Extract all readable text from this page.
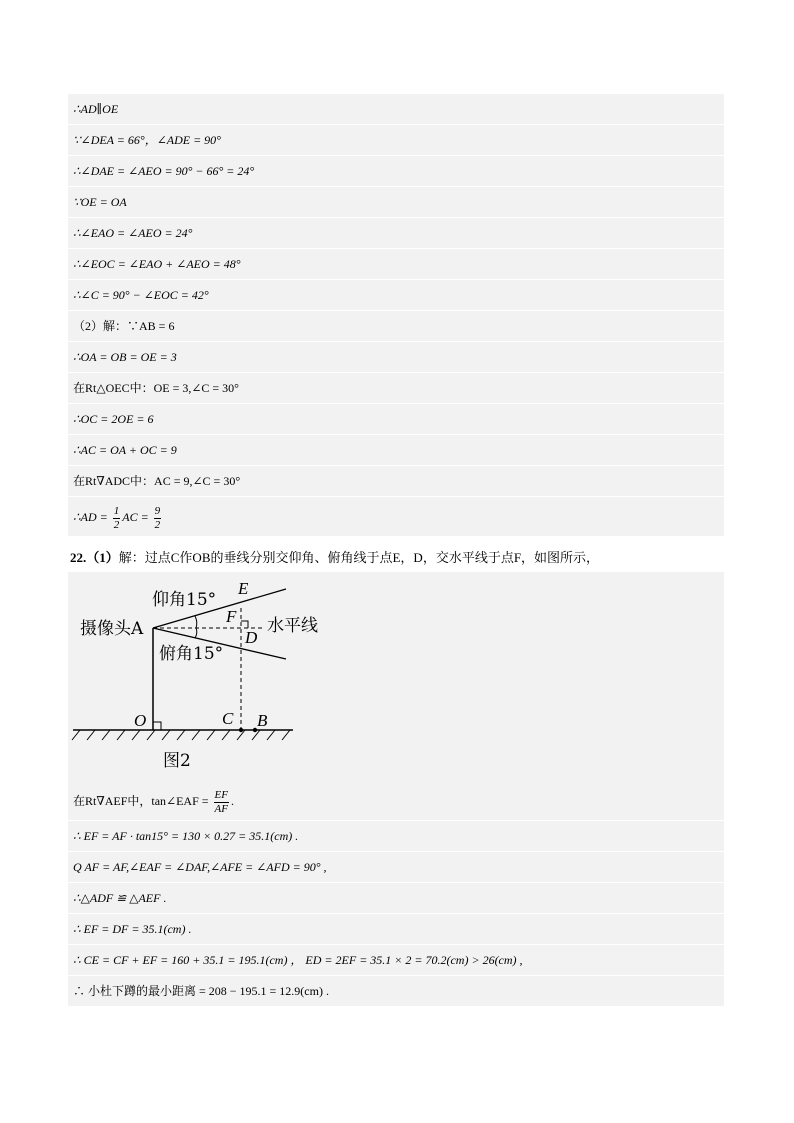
∴AD∥OE
∵∠DEA = 66°，∠ADE = 90°
∴∠DAE = ∠AEO = 90° − 66° = 24°
∵OE = OA
∴∠EAO = ∠AEO = 24°
∴∠EOC = ∠EAO + ∠AEO = 48°
∴∠C = 90° − ∠EOC = 42°
（2）解：∵AB = 6
∴OA = OB = OE = 3
在Rt△OEC中：OE = 3,∠C = 30°
∴OC = 2OE = 6
∴AC = OA + OC = 9
在Rt∇ADC中：AC = 9,∠C = 30°
∴AD = $\frac{1}{2}$ AC = $\frac{9}{2}$
22.（1）解：过点C作OB的垂线分别交仰角、俯角线于点E，D，交水平线于点F，如图所示，
仰角15°
摄像头A
俯角15°
水平线
E
F
D
O	C B
图2
在Rt∇AEF中，tan∠EAF = $\frac{EF}{AF}$ .
∴ EF = AF · tan15° = 130 × 0.27 = 35.1(cm) .
Q AF = AF,∠EAF = ∠DAF,∠AFE = ∠AFD = 90° ,
∴△ADF ≌ △AEF .
∴ EF = DF = 35.1(cm) .
∴ CE = CF + EF = 160 + 35.1 = 195.1(cm) ， ED = 2EF = 35.1 × 2 = 70.2(cm) > 26(cm) ,
∴ 小杜下蹲的最小距离 = 208 − 195.1 = 12.9(cm) .
